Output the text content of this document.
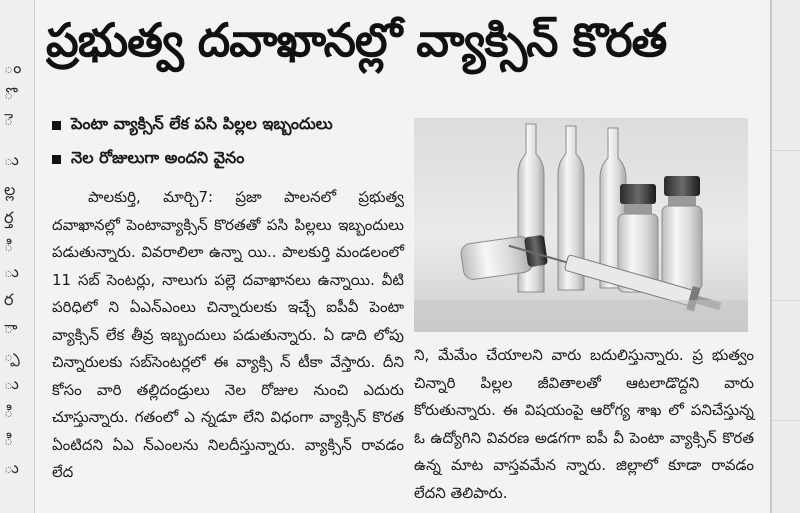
ం
ొ
ె
ు
ల్ల
ర్త
ి
ు
ర
ా
్ప
ు
ి
ి
ు
ప్రభుత్వ దవాఖానల్లో వ్యాక్సిన్ కొరత
పెంటా వ్యాక్సిన్ లేక పసి పిల్లల ఇబ్బందులు
నెల రోజులుగా అందని వైనం

పాలకుర్తి, మార్చి7: ప్రజా పాలనలో ప్రభుత్వ దవాఖానల్లో పెంటావ్యాక్సిన్ కొరతతో పసి పిల్లలు ఇబ్బందులు పడుతున్నారు. వివరాలిలా ఉన్నా యి.. పాలకుర్తి మండలంలో 11 సబ్ సెంటర్లు, నాలుగు పల్లె దవాఖానలు ఉన్నాయి. వీటి పరిధిలో ని ఏఎన్ఎంలు చిన్నారులకు ఇచ్చే ఐపీవీ పెంటా వ్యాక్సిన్ లేక తీవ్ర ఇబ్బందులు పడుతున్నారు. ఏ డాది లోపు చిన్నారులకు సబ్‌సెంటర్లలో ఈ వ్యాక్సి న్ టీకా వేస్తారు. దీని కోసం వారి తల్లిదండ్రులు నెల రోజుల నుంచి ఎదురు చూస్తున్నారు. గతంలో ఎ న్నడూ లేని విధంగా వ్యాక్సిన్ కొరత ఏంటిదని ఏఎ న్ఎంలను నిలదీస్తున్నారు. వ్యాక్సిన్ రావడం లేద

ని, మేమేం చేయాలని వారు బదులిస్తున్నారు. ప్ర భుత్వం చిన్నారి పిల్లల జీవితాలతో ఆటలాడొద్దని వారు కోరుతున్నారు. ఈ విషయంపై ఆరోగ్య శాఖ లో పనిచేస్తున్న ఓ ఉద్యోగిని వివరణ అడగగా ఐపీ వీ పెంటా వ్యాక్సిన్ కొరత ఉన్న మాట వాస్తవమేన న్నారు. జిల్లాలో కూడా రావడం లేదని తెలిపారు.
